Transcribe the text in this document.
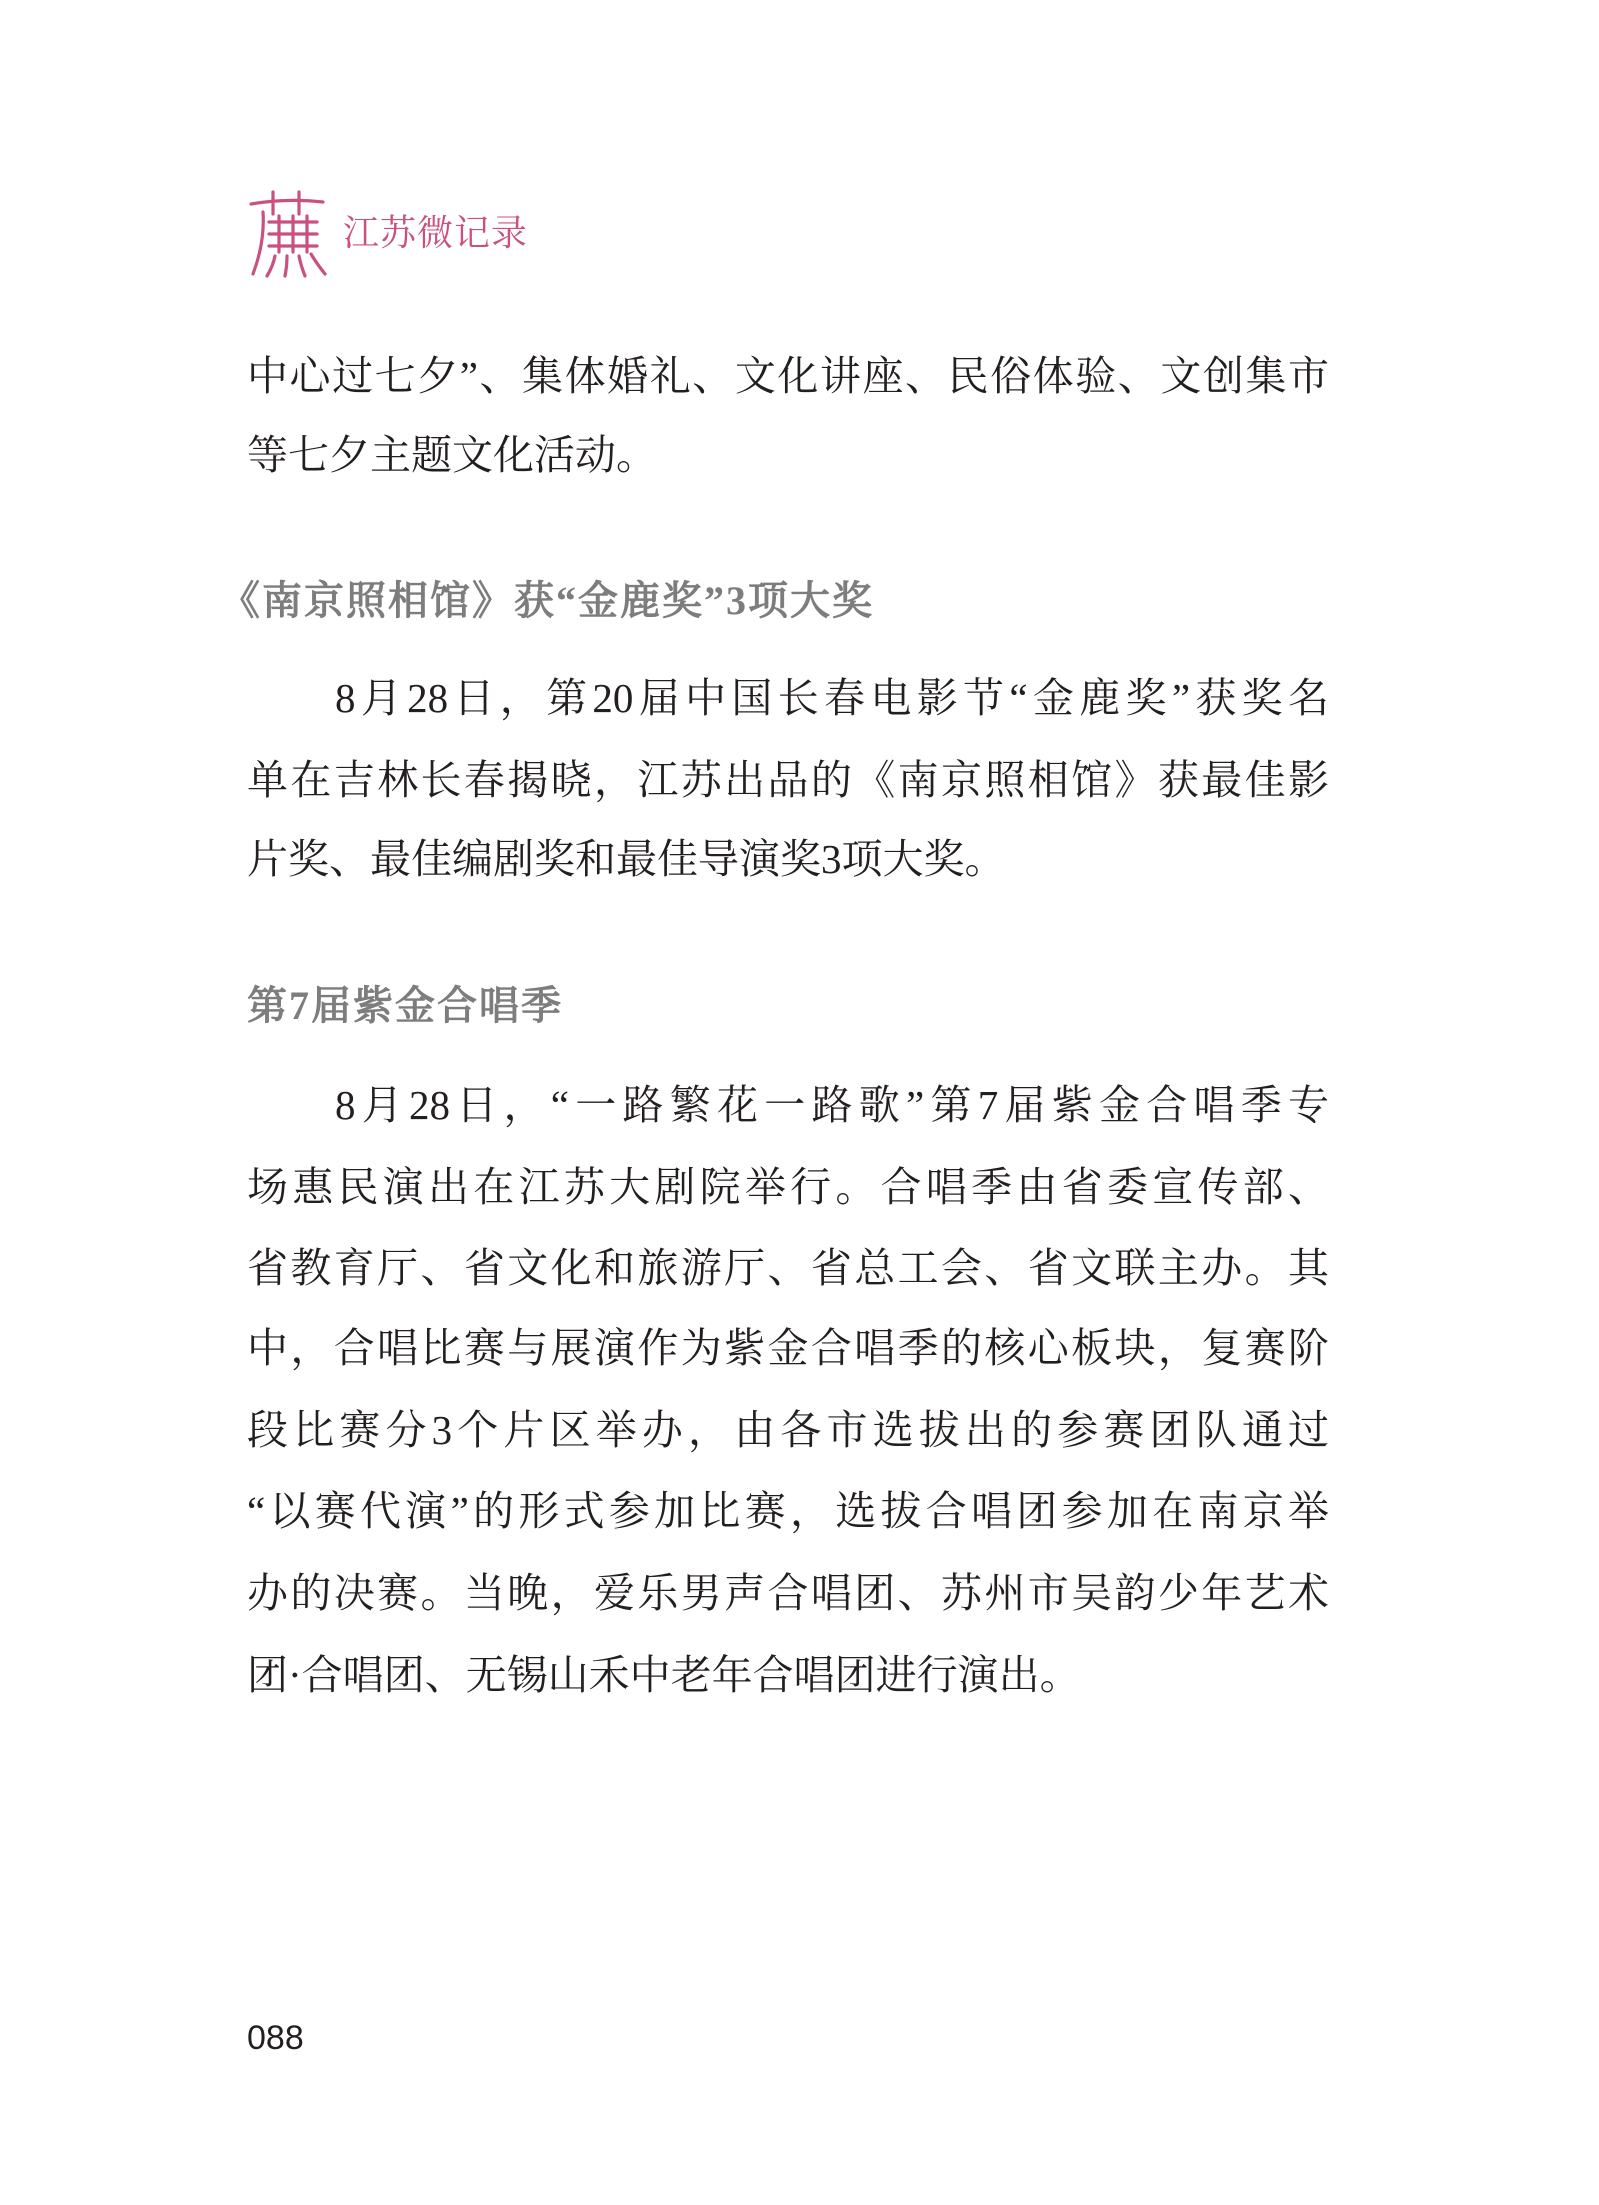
江苏微记录
中心过七夕”、集体婚礼、文化讲座、民俗体验、文创集市
等七夕主题文化活动。
《南京照相馆》获“金鹿奖”3项大奖
8月28日，第20届中国长春电影节“金鹿奖”获奖名
单在吉林长春揭晓，江苏出品的《南京照相馆》获最佳影
片奖、最佳编剧奖和最佳导演奖3项大奖。
第7届紫金合唱季
8月28日，“一路繁花一路歌”第7届紫金合唱季专
场惠民演出在江苏大剧院举行。合唱季由省委宣传部、
省教育厅、省文化和旅游厅、省总工会、省文联主办。其
中，合唱比赛与展演作为紫金合唱季的核心板块，复赛阶
段比赛分3个片区举办，由各市选拔出的参赛团队通过
“以赛代演”的形式参加比赛，选拔合唱团参加在南京举
办的决赛。当晚，爱乐男声合唱团、苏州市吴韵少年艺术
团·合唱团、无锡山禾中老年合唱团进行演出。
088
